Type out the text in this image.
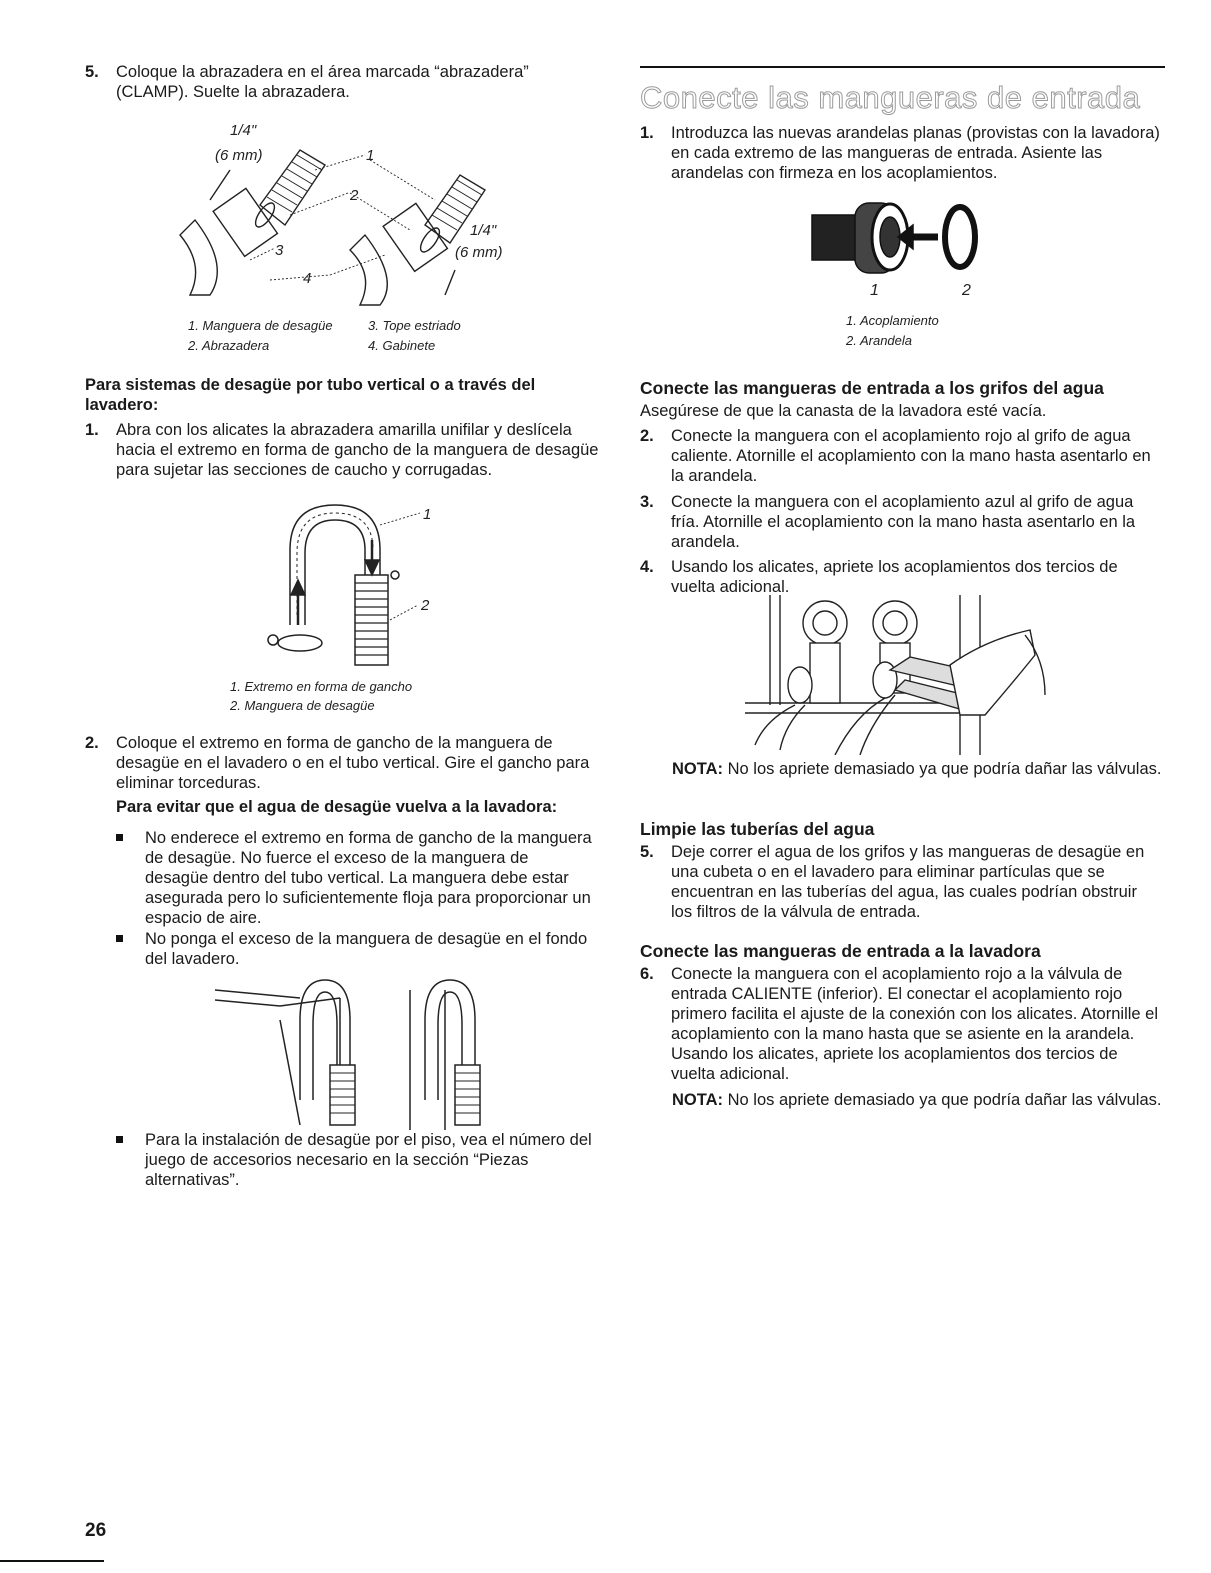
5. Coloque la abrazadera en el área marcada “abrazadera” (CLAMP). Suelte la abrazadera.
1/4"
(6 mm)
1/4"
(6 mm)
1
2
3
4
1. Manguera de desagüe	3. Tope estriado
2. Abrazadera	4. Gabinete
Para sistemas de desagüe por tubo vertical o a través del lavadero:
1. Abra con los alicates la abrazadera amarilla unifilar y deslícela hacia el extremo en forma de gancho de la manguera de desagüe para sujetar las secciones de caucho y corrugadas.
1
2
1. Extremo en forma de gancho
2. Manguera de desagüe
2. Coloque el extremo en forma de gancho de la manguera de desagüe en el lavadero o en el tubo vertical. Gire el gancho para eliminar torceduras.
Para evitar que el agua de desagüe vuelva a la lavadora:
No enderece el extremo en forma de gancho de la manguera de desagüe. No fuerce el exceso de la manguera de desagüe dentro del tubo vertical. La manguera debe estar asegurada pero lo suficientemente floja para proporcionar un espacio de aire.
No ponga el exceso de la manguera de desagüe en el fondo del lavadero.
Para la instalación de desagüe por el piso, vea el número del juego de accesorios necesario en la sección “Piezas alternativas”.
Conecte las mangueras de entrada
1. Introduzca las nuevas arandelas planas (provistas con la lavadora) en cada extremo de las mangueras de entrada. Asiente las arandelas con firmeza en los acoplamientos.
1	2
1. Acoplamiento
2. Arandela
Conecte las mangueras de entrada a los grifos del agua
Asegúrese de que la canasta de la lavadora esté vacía.
2. Conecte la manguera con el acoplamiento rojo al grifo de agua caliente. Atornille el acoplamiento con la mano hasta asentarlo en la arandela.
3. Conecte la manguera con el acoplamiento azul al grifo de agua fría. Atornille el acoplamiento con la mano hasta asentarlo en la arandela.
4. Usando los alicates, apriete los acoplamientos dos tercios de vuelta adicional.
NOTA: No los apriete demasiado ya que podría dañar las válvulas.
Limpie las tuberías del agua
5. Deje correr el agua de los grifos y las mangueras de desagüe en una cubeta o en el lavadero para eliminar partículas que se encuentran en las tuberías del agua, las cuales podrían obstruir los filtros de la válvula de entrada.
Conecte las mangueras de entrada a la lavadora
6. Conecte la manguera con el acoplamiento rojo a la válvula de entrada CALIENTE (inferior). El conectar el acoplamiento rojo primero facilita el ajuste de la conexión con los alicates. Atornille el acoplamiento con la mano hasta que se asiente en la arandela. Usando los alicates, apriete los acoplamientos dos tercios de vuelta adicional.
NOTA: No los apriete demasiado ya que podría dañar las válvulas.
26
